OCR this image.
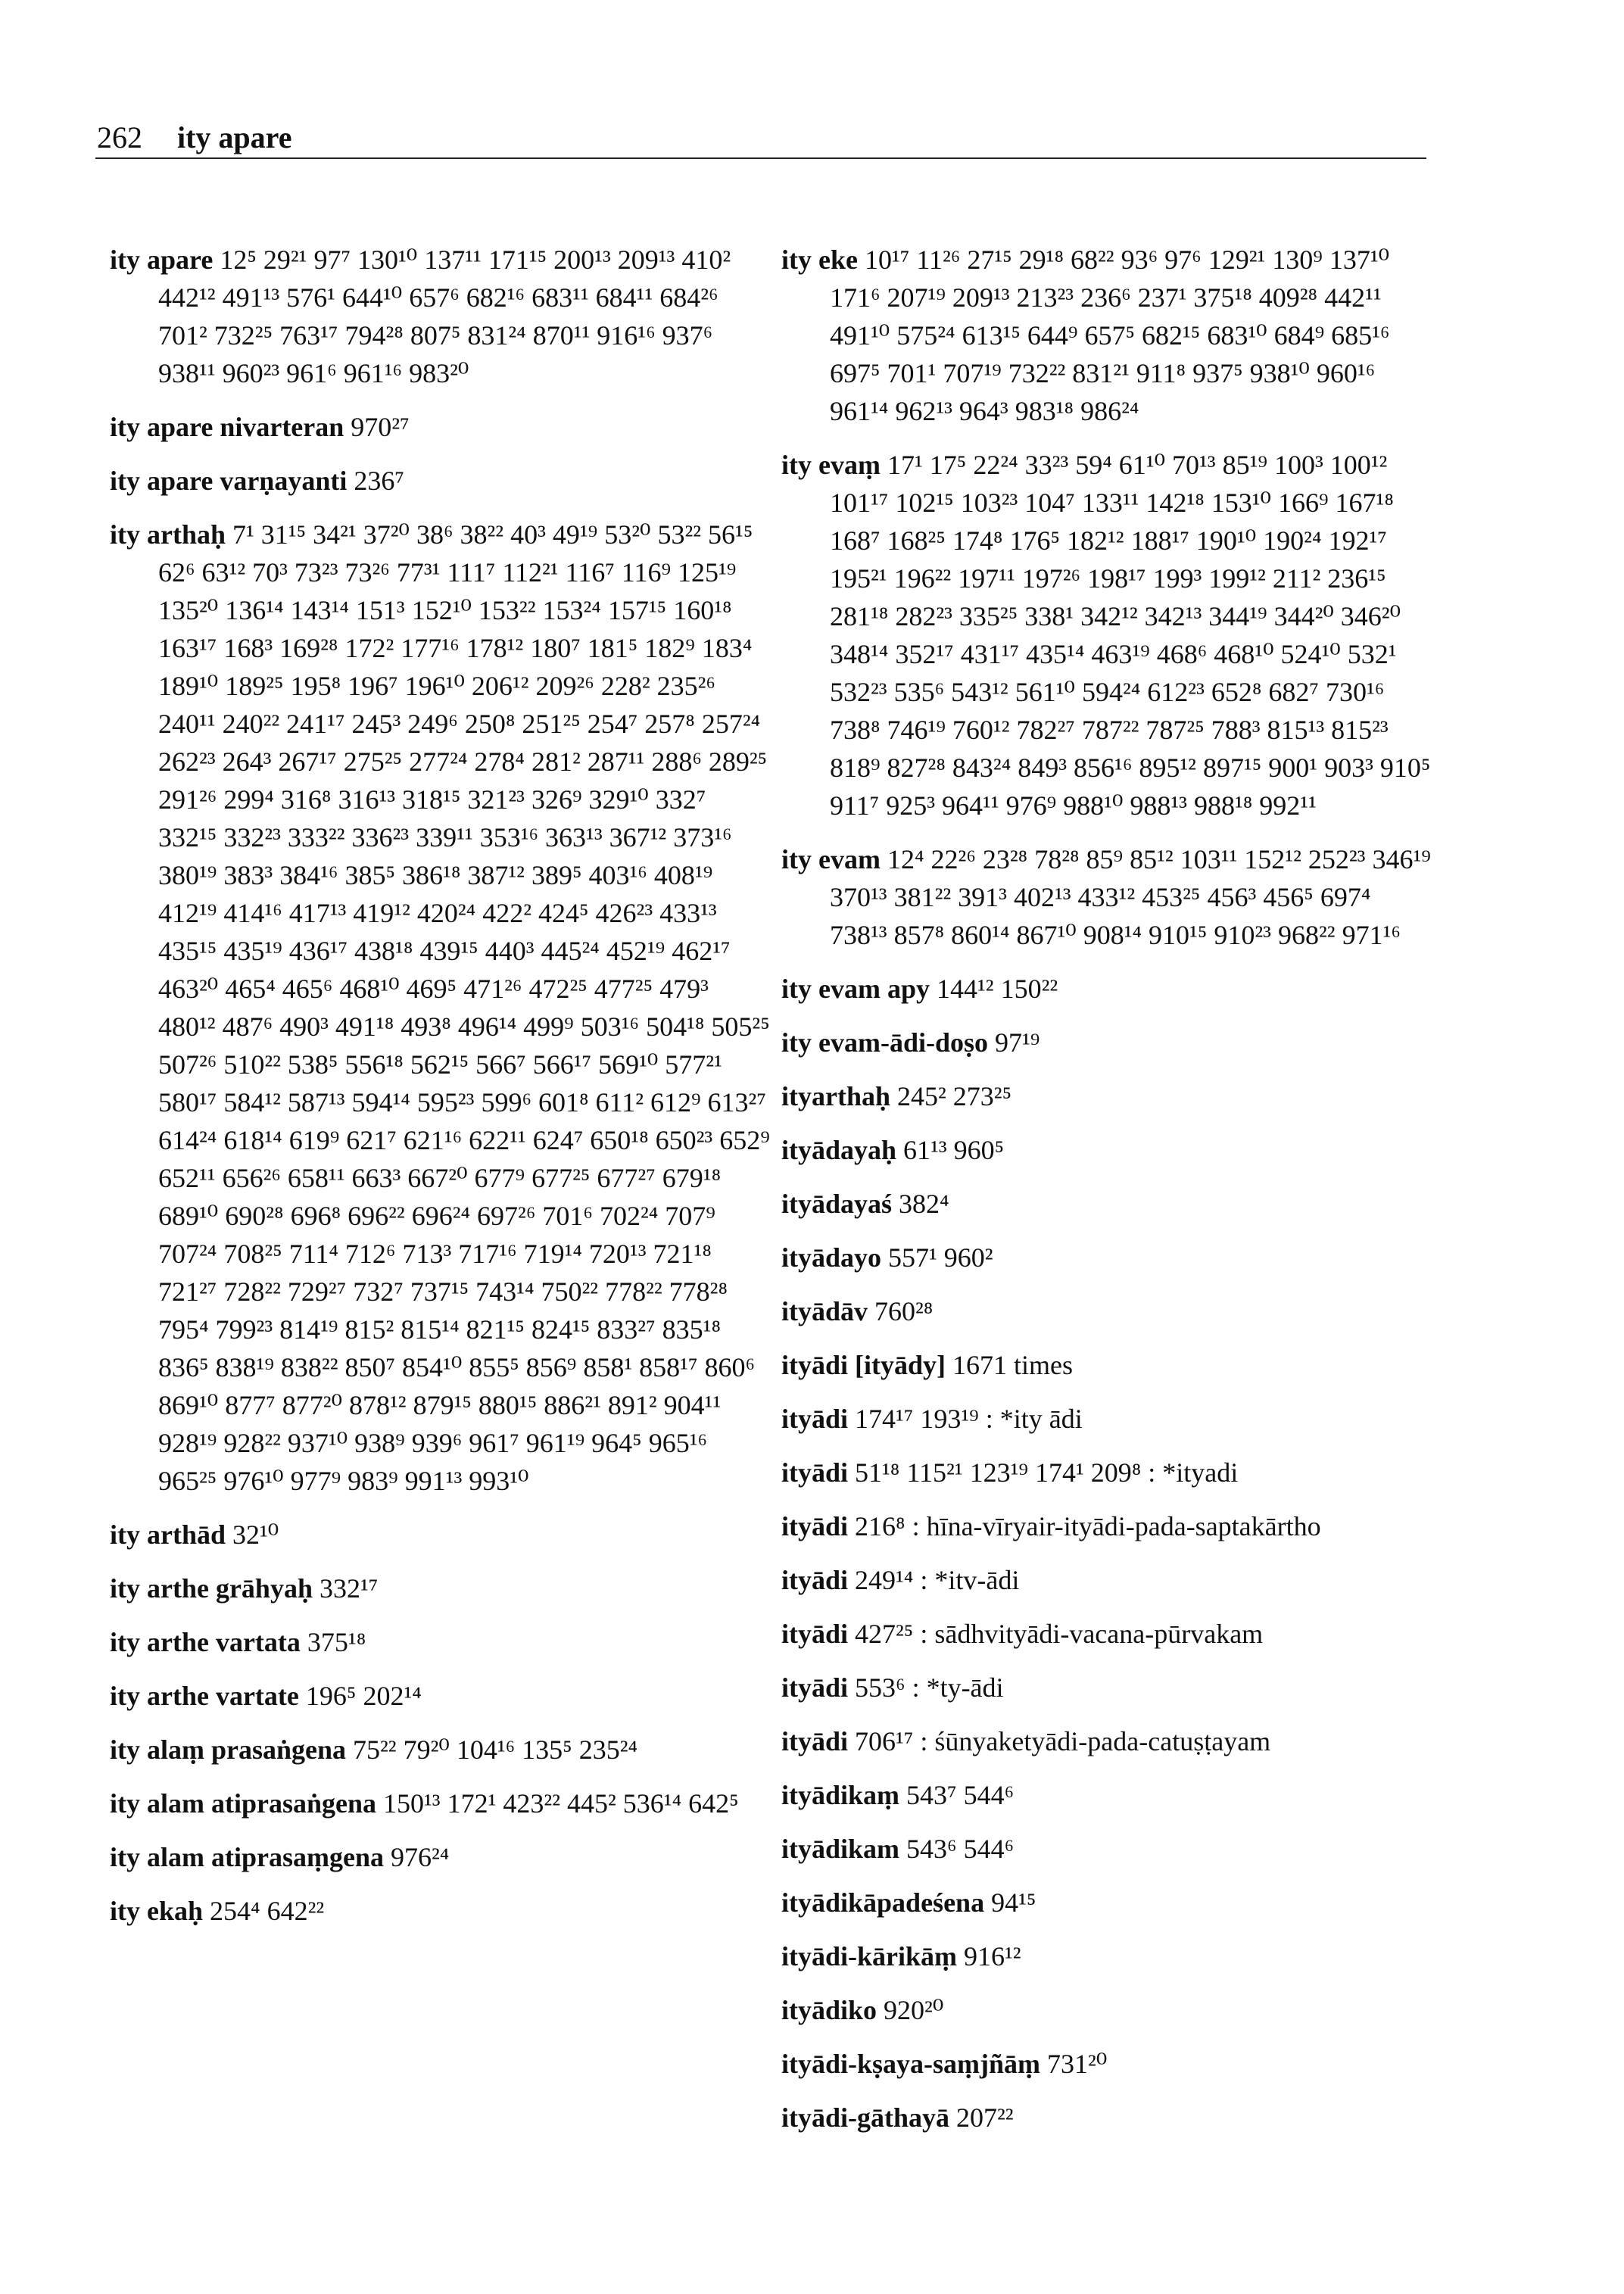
262 ity apare
ity apare 12⁵ 29²¹ 97⁷ 130¹⁰ 137¹¹ 171¹⁵ 200¹³ 209¹³ 410² 442¹² 491¹³ 576¹ 644¹⁰ 657⁶ 682¹⁶ 683¹¹ 684¹¹ 684²⁶ 701² 732²⁵ 763¹⁷ 794²⁸ 807⁵ 831²⁴ 870¹¹ 916¹⁶ 937⁶ 938¹¹ 960²³ 961⁶ 961¹⁶ 983²⁰
ity apare nivarteran 970²⁷
ity apare varṇayanti 236⁷
ity arthaḥ 7¹ 31¹⁵ 34²¹ 37²⁰ 38⁶ 38²² 40³ 49¹⁹ 53²⁰ 53²² 56¹⁵ 62⁶ 63¹² 70³ 73²³ 73²⁶ 77³¹ 111⁷ 112²¹ 116⁷ 116⁹ 125¹⁹ 135²⁰ 136¹⁴ 143¹⁴ 151³ 152¹⁰ 153²² 153²⁴ 157¹⁵ 160¹⁸ 163¹⁷ 168³ 169²⁸ 172² 177¹⁶ 178¹² 180⁷ 181⁵ 182⁹ 183⁴ 189¹⁰ 189²⁵ 195⁸ 196⁷ 196¹⁰ 206¹² 209²⁶ 228² 235²⁶ 240¹¹ 240²² 241¹⁷ 245³ 249⁶ 250⁸ 251²⁵ 254⁷ 257⁸ 257²⁴ 262²³ 264³ 267¹⁷ 275²⁵ 277²⁴ 278⁴ 281² 287¹¹ 288⁶ 289²⁵ 291²⁶ 299⁴ 316⁸ 316¹³ 318¹⁵ 321²³ 326⁹ 329¹⁰ 332⁷ 332¹⁵ 332²³ 333²² 336²³ 339¹¹ 353¹⁶ 363¹³ 367¹² 373¹⁶ 380¹⁹ 383³ 384¹⁶ 385⁵ 386¹⁸ 387¹² 389⁵ 403¹⁶ 408¹⁹ 412¹⁹ 414¹⁶ 417¹³ 419¹² 420²⁴ 422² 424⁵ 426²³ 433¹³ 435¹⁵ 435¹⁹ 436¹⁷ 438¹⁸ 439¹⁵ 440³ 445²⁴ 452¹⁹ 462¹⁷ 463²⁰ 465⁴ 465⁶ 468¹⁰ 469⁵ 471²⁶ 472²⁵ 477²⁵ 479³ 480¹² 487⁶ 490³ 491¹⁸ 493⁸ 496¹⁴ 499⁹ 503¹⁶ 504¹⁸ 505²⁵ 507²⁶ 510²² 538⁵ 556¹⁸ 562¹⁵ 566⁷ 566¹⁷ 569¹⁰ 577²¹ 580¹⁷ 584¹² 587¹³ 594¹⁴ 595²³ 599⁶ 601⁸ 611² 612⁹ 613²⁷ 614²⁴ 618¹⁴ 619⁹ 621⁷ 621¹⁶ 622¹¹ 624⁷ 650¹⁸ 650²³ 652⁹ 652¹¹ 656²⁶ 658¹¹ 663³ 667²⁰ 677⁹ 677²⁵ 677²⁷ 679¹⁸ 689¹⁰ 690²⁸ 696⁸ 696²² 696²⁴ 697²⁶ 701⁶ 702²⁴ 707⁹ 707²⁴ 708²⁵ 711⁴ 712⁶ 713³ 717¹⁶ 719¹⁴ 720¹³ 721¹⁸ 721²⁷ 728²² 729²⁷ 732⁷ 737¹⁵ 743¹⁴ 750²² 778²² 778²⁸ 795⁴ 799²³ 814¹⁹ 815² 815¹⁴ 821¹⁵ 824¹⁵ 833²⁷ 835¹⁸ 836⁵ 838¹⁹ 838²² 850⁷ 854¹⁰ 855⁵ 856⁹ 858¹ 858¹⁷ 860⁶ 869¹⁰ 877⁷ 877²⁰ 878¹² 879¹⁵ 880¹⁵ 886²¹ 891² 904¹¹ 928¹⁹ 928²² 937¹⁰ 938⁹ 939⁶ 961⁷ 961¹⁹ 964⁵ 965¹⁶ 965²⁵ 976¹⁰ 977⁹ 983⁹ 991¹³ 993¹⁰
ity arthād 32¹⁰
ity arthe grāhyaḥ 332¹⁷
ity arthe vartata 375¹⁸
ity arthe vartate 196⁵ 202¹⁴
ity alaṃ prasaṅgena 75²² 79²⁰ 104¹⁶ 135⁵ 235²⁴
ity alam atiprasaṅgena 150¹³ 172¹ 423²² 445² 536¹⁴ 642⁵
ity alam atiprasaṃgena 976²⁴
ity ekaḥ 254⁴ 642²²
ity eke 10¹⁷ 11²⁶ 27¹⁵ 29¹⁸ 68²² 93⁶ 97⁶ 129²¹ 130⁹ 137¹⁰ 171⁶ 207¹⁹ 209¹³ 213²³ 236⁶ 237¹ 375¹⁸ 409²⁸ 442¹¹ 491¹⁰ 575²⁴ 613¹⁵ 644⁹ 657⁵ 682¹⁵ 683¹⁰ 684⁹ 685¹⁶ 697⁵ 701¹ 707¹⁹ 732²² 831²¹ 911⁸ 937⁵ 938¹⁰ 960¹⁶ 961¹⁴ 962¹³ 964³ 983¹⁸ 986²⁴
ity evaṃ 17¹ 17⁵ 22²⁴ 33²³ 59⁴ 61¹⁰ 70¹³ 85¹⁹ 100³ 100¹² 101¹⁷ 102¹⁵ 103²³ 104⁷ 133¹¹ 142¹⁸ 153¹⁰ 166⁹ 167¹⁸ 168⁷ 168²⁵ 174⁸ 176⁵ 182¹² 188¹⁷ 190¹⁰ 190²⁴ 192¹⁷ 195²¹ 196²² 197¹¹ 197²⁶ 198¹⁷ 199³ 199¹² 211² 236¹⁵ 281¹⁸ 282²³ 335²⁵ 338¹ 342¹² 342¹³ 344¹⁹ 344²⁰ 346²⁰ 348¹⁴ 352¹⁷ 431¹⁷ 435¹⁴ 463¹⁹ 468⁶ 468¹⁰ 524¹⁰ 532¹ 532²³ 535⁶ 543¹² 561¹⁰ 594²⁴ 612²³ 652⁸ 682⁷ 730¹⁶ 738⁸ 746¹⁹ 760¹² 782²⁷ 787²² 787²⁵ 788³ 815¹³ 815²³ 818⁹ 827²⁸ 843²⁴ 849³ 856¹⁶ 895¹² 897¹⁵ 900¹ 903³ 910⁵ 911⁷ 925³ 964¹¹ 976⁹ 988¹⁰ 988¹³ 988¹⁸ 992¹¹
ity evam 12⁴ 22²⁶ 23²⁸ 78²⁸ 85⁹ 85¹² 103¹¹ 152¹² 252²³ 346¹⁹ 370¹³ 381²² 391³ 402¹³ 433¹² 453²⁵ 456³ 456⁵ 697⁴ 738¹³ 857⁸ 860¹⁴ 867¹⁰ 908¹⁴ 910¹⁵ 910²³ 968²² 971¹⁶
ity evam apy 144¹² 150²²
ity evam-ādi-doṣo 97¹⁹
ityarthaḥ 245² 273²⁵
ityādayaḥ 61¹³ 960⁵
ityādayaś 382⁴
ityādayo 557¹ 960²
ityādāv 760²⁸
ityādi [ityādy] 1671 times
ityādi 174¹⁷ 193¹⁹ : *ity ādi
ityādi 51¹⁸ 115²¹ 123¹⁹ 174¹ 209⁸ : *ityadi
ityādi 216⁸ : hīna-vīryair-ityādi-pada-saptakārtho
ityādi 249¹⁴ : *itv-ādi
ityādi 427²⁵ : sādhvityādi-vacana-pūrvakam
ityādi 553⁶ : *ty-ādi
ityādi 706¹⁷ : śūnyaketyādi-pada-catuṣṭayam
ityādikaṃ 543⁷ 544⁶
ityādikam 543⁶ 544⁶
ityādikāpadeśena 94¹⁵
ityādi-kārikāṃ 916¹²
ityādiko 920²⁰
ityādi-kṣaya-saṃjñāṃ 731²⁰
ityādi-gāthayā 207²²
